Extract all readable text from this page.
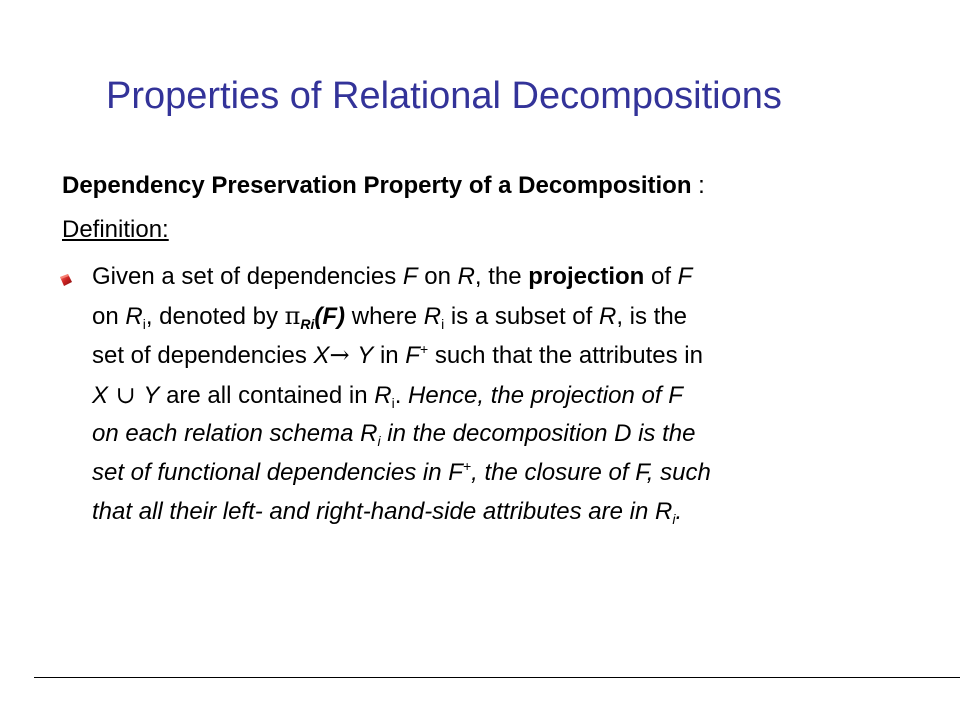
Properties of Relational Decompositions
Dependency Preservation Property of a Decomposition :
Definition:
Given a set of dependencies F on R, the projection of F
on $R_i$, denoted by $\pi_{Ri}(F)$ where $R_i$ is a subset of R, is the
set of dependencies X→ Y in F+ such that the attributes in
X ∪ Y are all contained in $R_i$. Hence, the projection of F
on each relation schema $R_i$ in the decomposition D is the
set of functional dependencies in F+, the closure of F, such
that all their left- and right-hand-side attributes are in $R_i$.
